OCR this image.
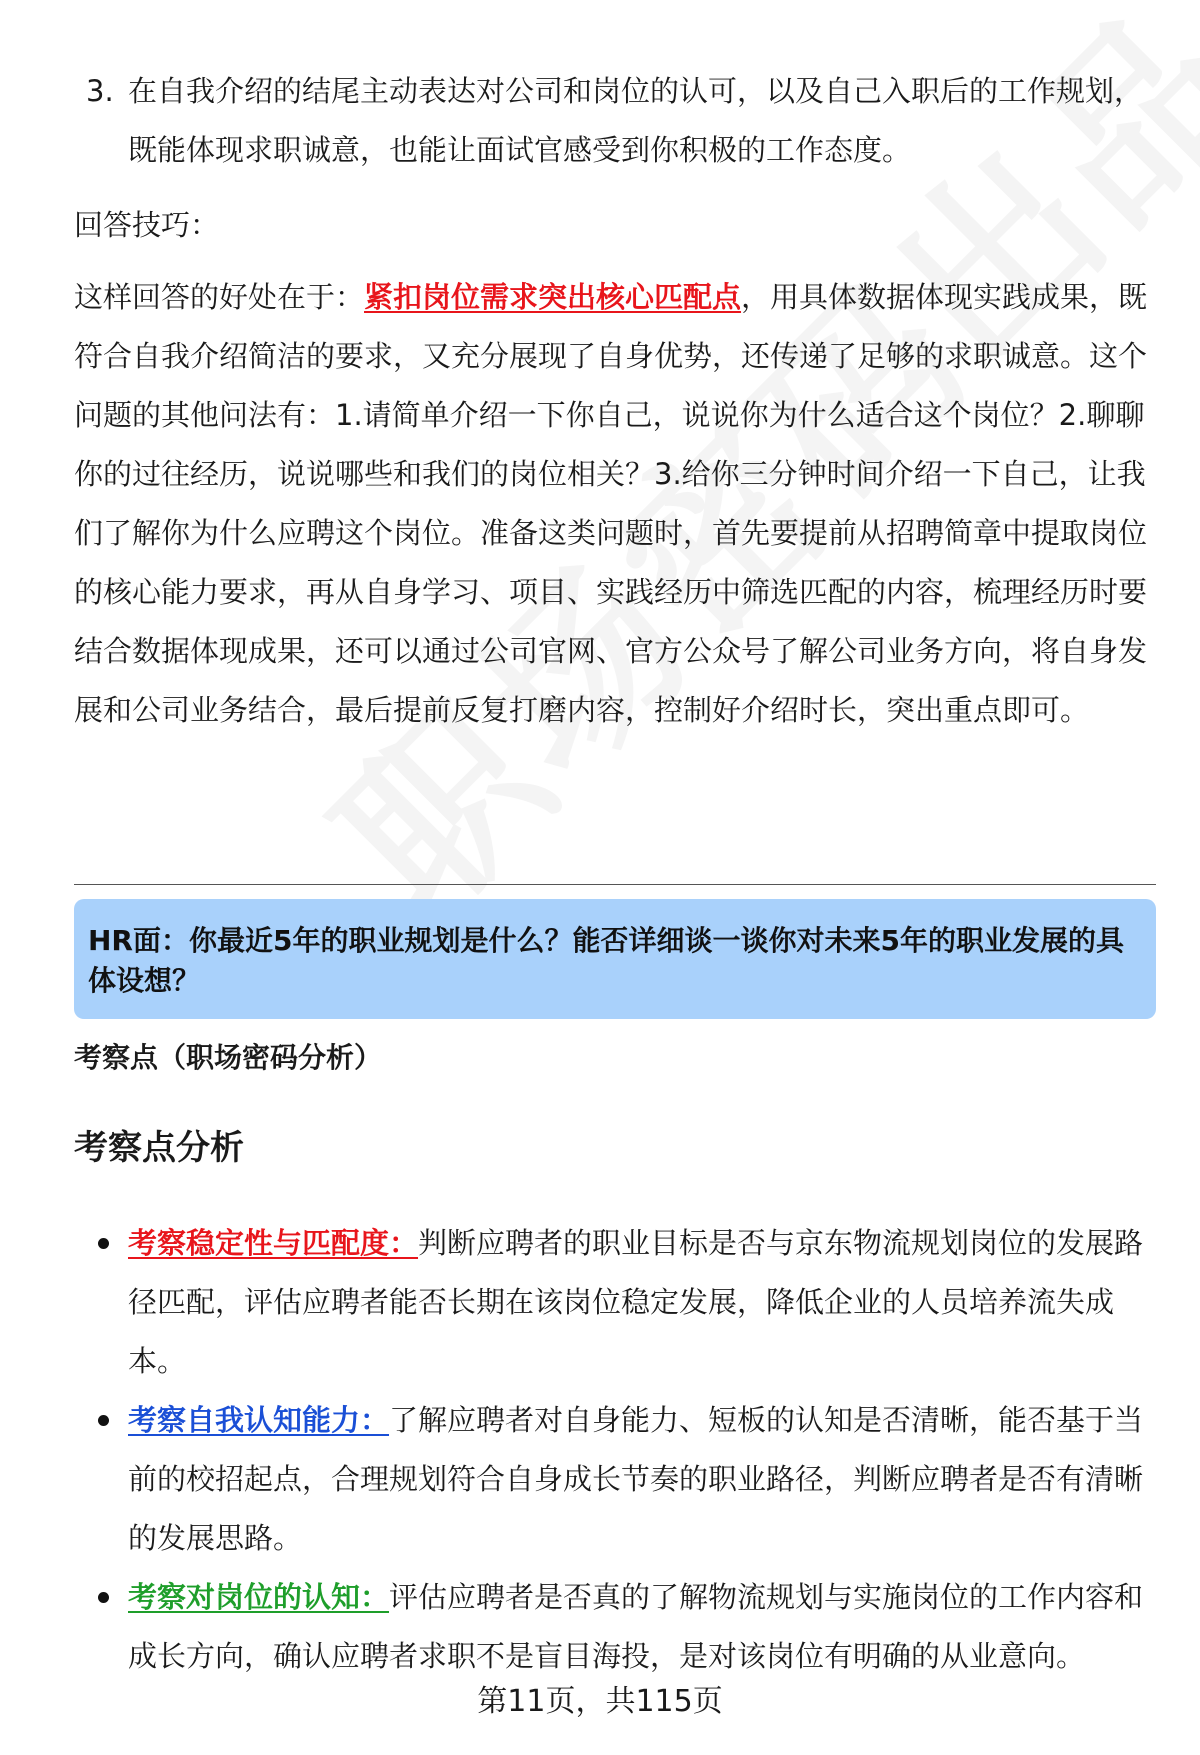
3. 在自我介绍的结尾主动表达对公司和岗位的认可，以及自己入职后的工作规划，既能体现求职诚意，也能让面试官感受到你积极的工作态度。
回答技巧：
这样回答的好处在于：紧扣岗位需求突出核心匹配点，用具体数据体现实践成果，既符合自我介绍简洁的要求，又充分展现了自身优势，还传递了足够的求职诚意。这个问题的其他问法有：1.请简单介绍一下你自己，说说你为什么适合这个岗位？2.聊聊你的过往经历，说说哪些和我们的岗位相关？3.给你三分钟时间介绍一下自己，让我们了解你为什么应聘这个岗位。准备这类问题时，首先要提前从招聘简章中提取岗位的核心能力要求，再从自身学习、项目、实践经历中筛选匹配的内容，梳理经历时要结合数据体现成果，还可以通过公司官网、官方公众号了解公司业务方向，将自身发展和公司业务结合，最后提前反复打磨内容，控制好介绍时长，突出重点即可。
HR面：你最近5年的职业规划是什么？能否详细谈一谈你对未来5年的职业发展的具体设想？
考察点（职场密码分析）
考察点分析
考察稳定性与匹配度：判断应聘者的职业目标是否与京东物流规划岗位的发展路径匹配，评估应聘者能否长期在该岗位稳定发展，降低企业的人员培养流失成本。
考察自我认知能力：了解应聘者对自身能力、短板的认知是否清晰，能否基于当前的校招起点，合理规划符合自身成长节奏的职业路径，判断应聘者是否有清晰的发展思路。
考察对岗位的认知：评估应聘者是否真的了解物流规划与实施岗位的工作内容和成长方向，确认应聘者求职不是盲目海投，是对该岗位有明确的从业意向。
第11页，共115页
